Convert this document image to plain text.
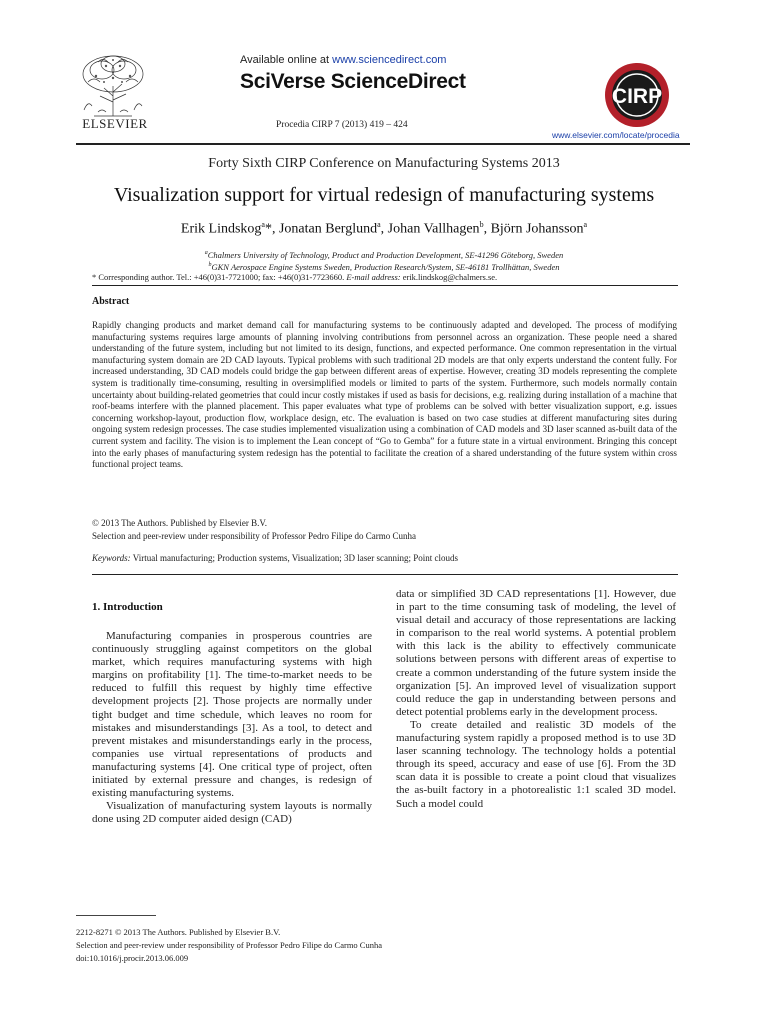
ELSEVIER
Available online at www.sciencedirect.com
SciVerse ScienceDirect
Procedia CIRP 7 (2013) 419 – 424
CIRP
www.elsevier.com/locate/procedia
Forty Sixth CIRP Conference on Manufacturing Systems 2013
Visualization support for virtual redesign of manufacturing systems
Erik Lindskog$^a$*, Jonatan Berglund$^a$, Johan Vallhagen$^b$, Björn Johansson$^a$
$^a$Chalmers University of Technology, Product and Production Development, SE-41296 Göteborg, Sweden
$^b$GKN Aerospace Engine Systems Sweden, Production Research/System, SE-46181 Trollhättan, Sweden
* Corresponding author. Tel.: +46(0)31-7721000; fax: +46(0)31-7723660. E-mail address: erik.lindskog@chalmers.se.
Abstract
Rapidly changing products and market demand call for manufacturing systems to be continuously adapted and developed. The process of modifying manufacturing systems requires large amounts of planning involving contributions from personnel across an organization. These people need a shared understanding of the future system, including but not limited to its design, functions, and expected performance. One common representation in the virtual manufacturing system domain are 2D CAD layouts. Typical problems with such traditional 2D models are that only experts understand the content fully. For increased understanding, 3D CAD models could bridge the gap between different areas of expertise. However, creating 3D models representing the complete system is traditionally time-consuming, resulting in oversimplified models or limited to parts of the system. Furthermore, such models normally contain uncertainty about building-related geometries that could incur costly mistakes if used as basis for decisions, e.g. realizing during installation of a machine that roof-beams interfere with the planned placement. This paper evaluates what type of problems can be solved with better visualization support, e.g. issues concerning workshop-layout, production flow, workplace design, etc. The evaluation is based on two case studies at different manufacturing sites during ongoing system redesign processes. The case studies implemented visualization using a combination of CAD models and 3D laser scanned as-built data of the current system and facility. The vision is to implement the Lean concept of “Go to Gemba” for a future state in a virtual environment. Bringing this concept into the early phases of manufacturing system redesign has the potential to facilitate the creation of a shared understanding of the future system within cross functional project teams.
© 2013 The Authors. Published by Elsevier B.V.
Selection and peer-review under responsibility of Professor Pedro Filipe do Carmo Cunha
Keywords: Virtual manufacturing; Production systems, Visualization; 3D laser scanning; Point clouds
1. Introduction

Manufacturing companies in prosperous countries are continuously struggling against competitors on the global market, which requires manufacturing systems with high margins on profitability [1]. The time-to-market needs to be reduced to fulfill this request by highly time effective development projects [2]. Those projects are normally under tight budget and time schedule, which leaves no room for mistakes and misunderstandings [3]. As a tool, to detect and prevent mistakes and misunderstandings early in the process, companies use virtual representations of products and manufacturing systems [4]. One critical type of project, often initiated by external pressure and changes, is redesign of existing manufacturing systems.

Visualization of manufacturing system layouts is normally done using 2D computer aided design (CAD)

data or simplified 3D CAD representations [1]. However, due in part to the time consuming task of modeling, the level of visual detail and accuracy of those representations are lacking in comparison to the real world systems. A potential problem with this lack is the ability to effectively communicate solutions between persons with different areas of expertise to create a common understanding of the future system inside the organization [5]. An improved level of visualization support could reduce the gap in understanding between persons and detect potential problems early in the development process.

To create detailed and realistic 3D models of the manufacturing system rapidly a proposed method is to use 3D laser scanning technology. The technology holds a potential through its speed, accuracy and ease of use [6]. From the 3D scan data it is possible to create a point cloud that visualizes the as-built factory in a photorealistic 1:1 scaled 3D model. Such a model could

2212-8271 © 2013 The Authors. Published by Elsevier B.V.
Selection and peer-review under responsibility of Professor Pedro Filipe do Carmo Cunha
doi:10.1016/j.procir.2013.06.009
